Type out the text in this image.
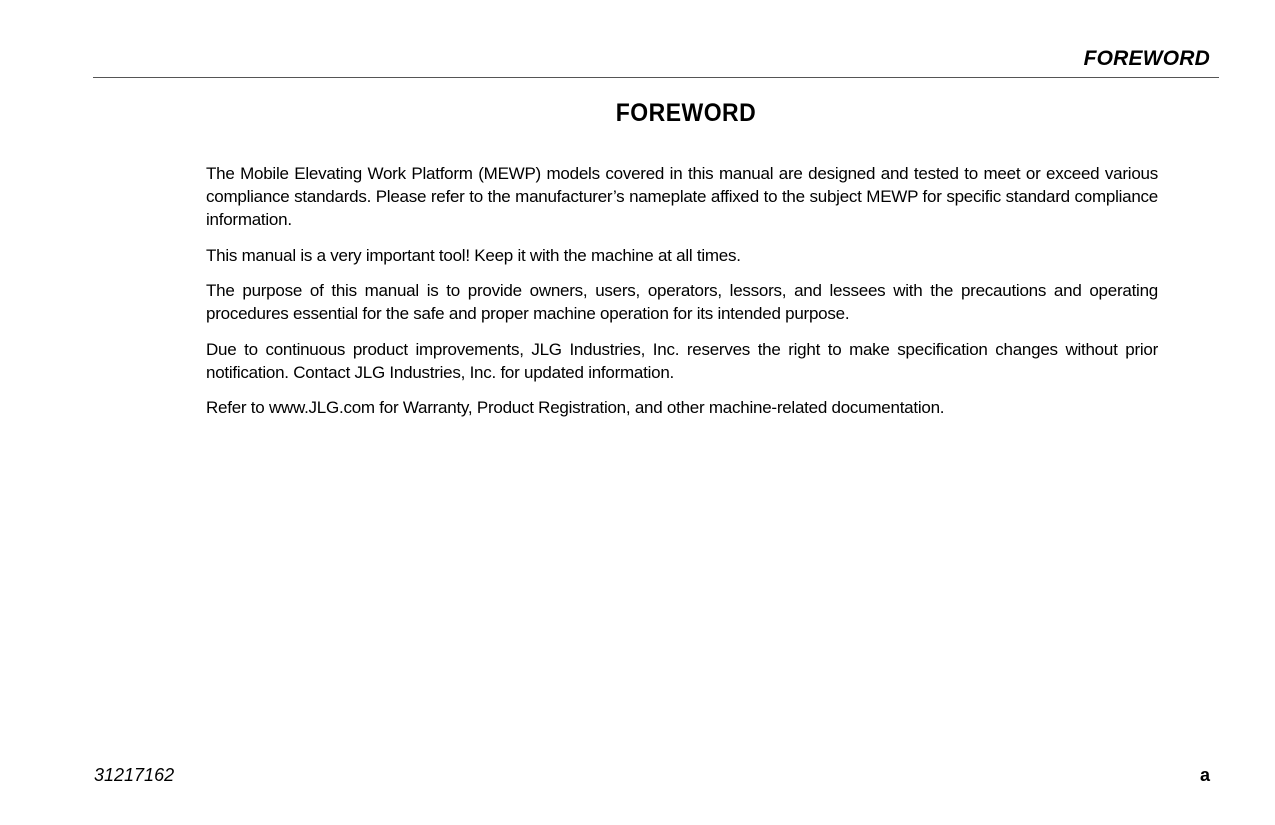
FOREWORD
FOREWORD

The Mobile Elevating Work Platform (MEWP) models covered in this manual are designed and tested to meet or exceed various compliance standards. Please refer to the manufacturer’s nameplate affixed to the subject MEWP for specific standard compliance information.

This manual is a very important tool! Keep it with the machine at all times.

The purpose of this manual is to provide owners, users, operators, lessors, and lessees with the precautions and operating procedures essential for the safe and proper machine operation for its intended purpose.

Due to continuous product improvements, JLG Industries, Inc. reserves the right to make specification changes without prior notification. Contact JLG Industries, Inc. for updated information.

Refer to www.JLG.com for Warranty, Product Registration, and other machine-related documentation.

31217162	a
